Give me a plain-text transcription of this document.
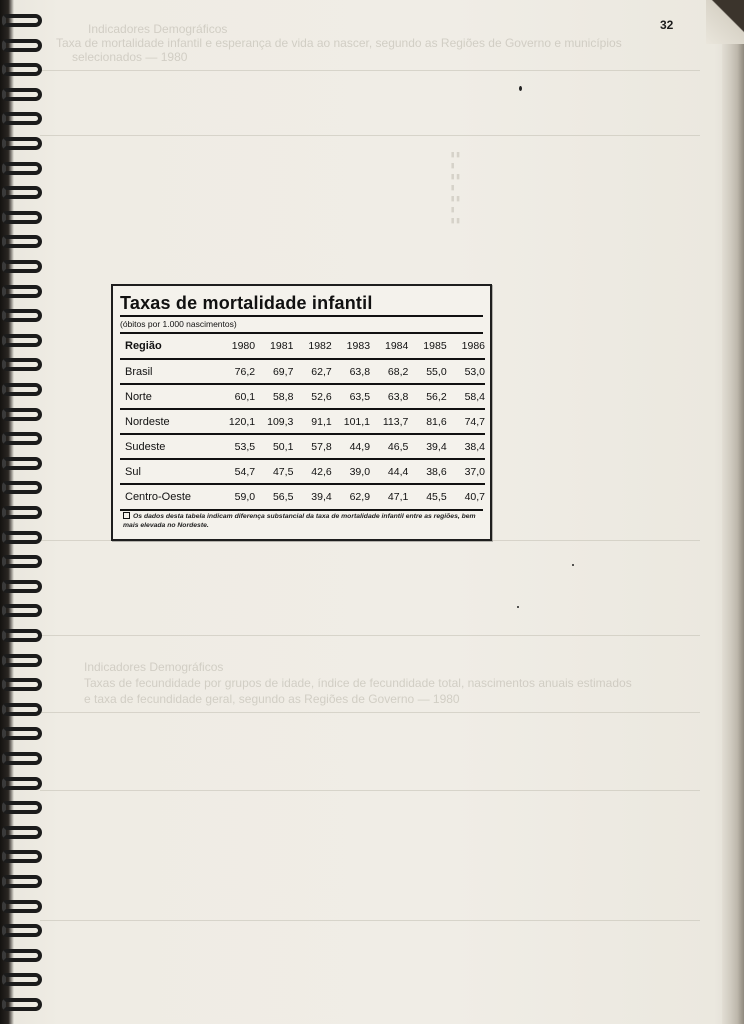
32
Indicadores Demográficos
Taxa de mortalidade infantil e esperança de vida ao nascer, segundo as Regiões de Governo e municípios
selecionados — 1980
▮▮
▮
▮▮
▮
▮▮
▮
▮▮
Indicadores Demográficos
Taxas de fecundidade por grupos de idade, índice de fecundidade total, nascimentos anuais estimados
e taxa de fecundidade geral, segundo as Regiões de Governo — 1980
Taxas de mortalidade infantil
(óbitos por 1.000 nascimentos)
Região	1980	1981	1982	1983	1984	1985	1986
Brasil	76,2	69,7	62,7	63,8	68,2	55,0	53,0
Norte	60,1	58,8	52,6	63,5	63,8	56,2	58,4
Nordeste	120,1	109,3	91,1	101,1	113,7	81,6	74,7
Sudeste	53,5	50,1	57,8	44,9	46,5	39,4	38,4
Sul	54,7	47,5	42,6	39,0	44,4	38,6	37,0
Centro-Oeste	59,0	56,5	39,4	62,9	47,1	45,5	40,7
Os dados desta tabela indicam diferença substancial da taxa de mortalidade infantil entre as regiões, bem mais elevada no Nordeste.
